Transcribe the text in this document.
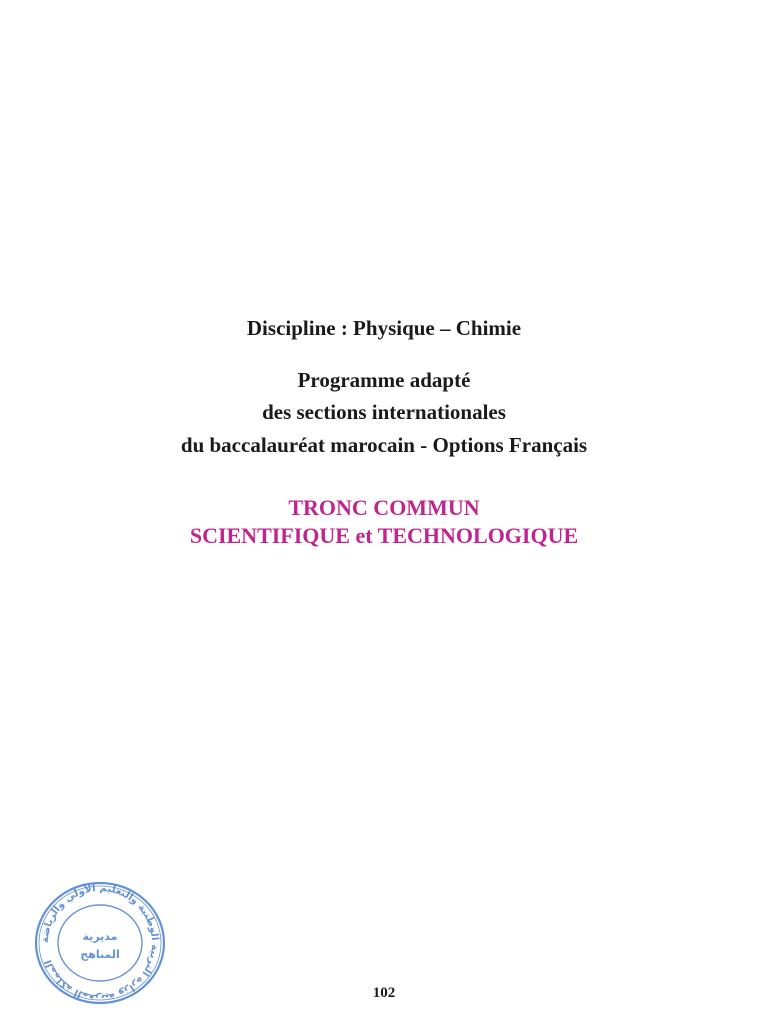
Discipline : Physique – Chimie
Programme adapté
des sections internationales
du baccalauréat marocain - Options Français
TRONC COMMUN
SCIENTIFIQUE et TECHNOLOGIQUE
المملكة المغربية وزارة التربية الوطنية والتعليم الأولي والرياضة
مديرية
المناهج
102
